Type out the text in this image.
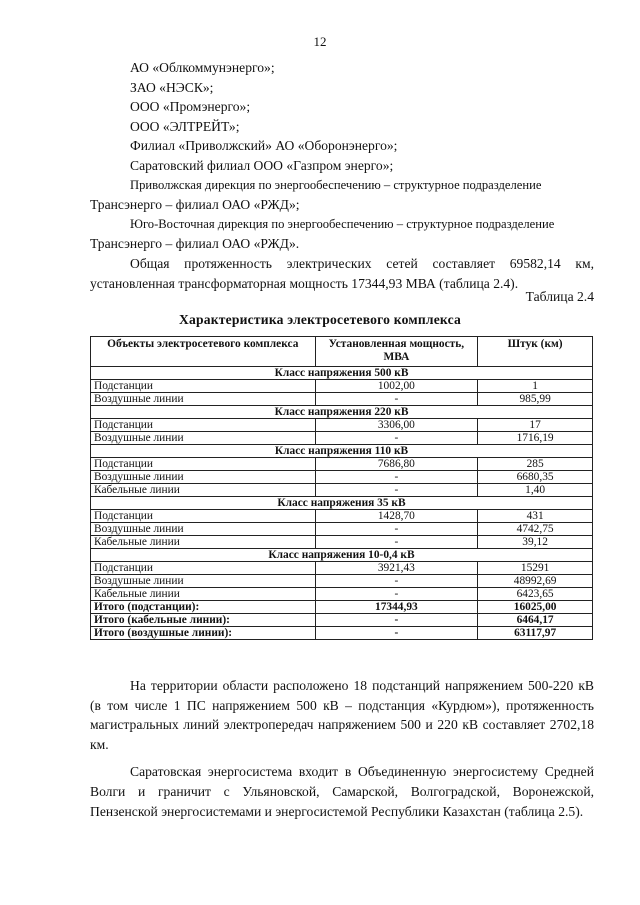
12

АО «Облкоммунэнерго»;

ЗАО «НЭСК»;

ООО «Промэнерго»;

ООО «ЭЛТРЕЙТ»;

Филиал «Приволжский» АО «Оборонэнерго»;

Саратовский филиал ООО «Газпром энерго»;

Приволжская дирекция по энергообеспечению – структурное подразделение

Трансэнерго – филиал ОАО «РЖД»;

Юго-Восточная дирекция по энергообеспечению – структурное подразделение

Трансэнерго – филиал ОАО «РЖД».

Общая протяженность электрических сетей составляет 69582,14 км, установленная трансформаторная мощность 17344,93 МВА (таблица 2.4).

Таблица 2.4
Характеристика электросетевого комплекса
Объекты электросетевого комплекса	Установленная мощность, МВА	Штук (км)
Класс напряжения 500 кВ		
Подстанции	1002,00	1
Воздушные линии	-	985,99
Класс напряжения 220 кВ		
Подстанции	3306,00	17
Воздушные линии	-	1716,19
Класс напряжения 110 кВ		
Подстанции	7686,80	285
Воздушные линии	-	6680,35
Кабельные линии	-	1,40
Класс напряжения 35 кВ		
Подстанции	1428,70	431
Воздушные линии	-	4742,75
Кабельные линии	-	39,12
Класс напряжения 10-0,4 кВ		
Подстанции	3921,43	15291
Воздушные линии	-	48992,69
Кабельные линии	-	6423,65
Итого (подстанции):	17344,93	16025,00
Итого (кабельные линии):	-	6464,17
Итого (воздушные линии):	-	63117,97

На территории области расположено 18 подстанций напряжением 500-220 кВ (в том числе 1 ПС напряжением 500 кВ – подстанция «Курдюм»), протяженность магистральных линий электропередач напряжением 500 и 220 кВ составляет 2702,18 км.

Саратовская энергосистема входит в Объединенную энергосистему Средней Волги и граничит с Ульяновской, Самарской, Волгоградской, Воронежской, Пензенской энергосистемами и энергосистемой Республики Казахстан (таблица 2.5).
